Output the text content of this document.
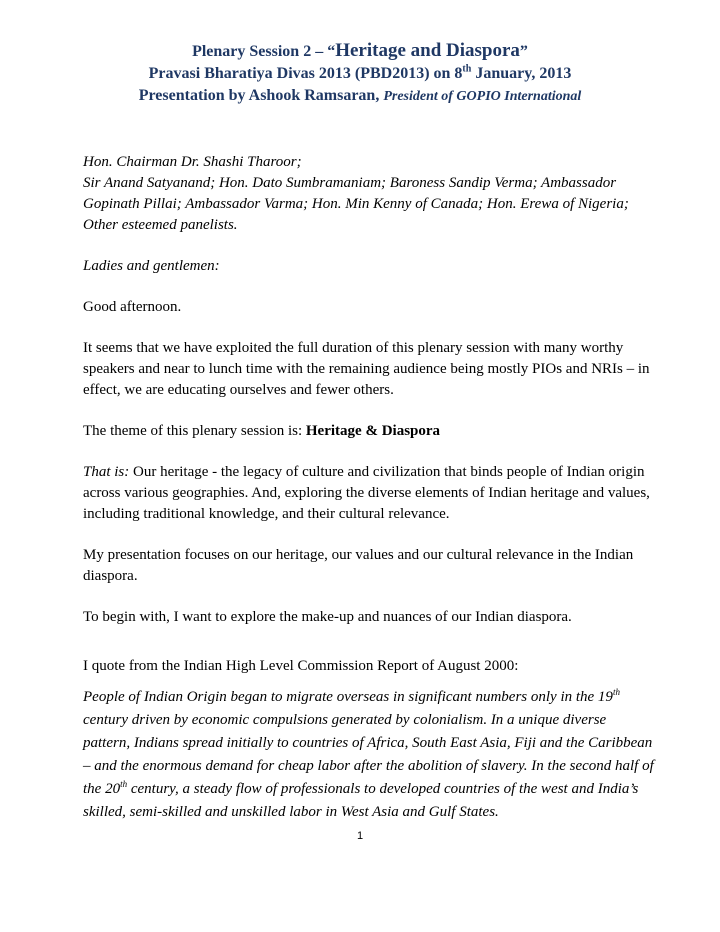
Plenary Session 2 – “Heritage and Diaspora”
Pravasi Bharatiya Divas 2013 (PBD2013) on 8th January, 2013
Presentation by Ashook Ramsaran, President of GOPIO International

Hon. Chairman Dr. Shashi Tharoor;

Sir Anand Satyanand; Hon. Dato Sumbramaniam; Baroness Sandip Verma; Ambassador Gopinath Pillai; Ambassador Varma; Hon. Min Kenny of Canada; Hon. Erewa of Nigeria; Other esteemed panelists.

Ladies and gentlemen:

Good afternoon.

It seems that we have exploited the full duration of this plenary session with many worthy speakers and near to lunch time with the remaining audience being mostly PIOs and NRIs – in effect, we are educating ourselves and fewer others.

The theme of this plenary session is: Heritage & Diaspora

That is: Our heritage - the legacy of culture and civilization that binds people of Indian origin across various geographies. And, exploring the diverse elements of Indian heritage and values, including traditional knowledge, and their cultural relevance.

My presentation focuses on our heritage, our values and our cultural relevance in the Indian diaspora.

To begin with, I want to explore the make-up and nuances of our Indian diaspora.

I quote from the Indian High Level Commission Report of August 2000:

People of Indian Origin began to migrate overseas in significant numbers only in the 19th century driven by economic compulsions generated by colonialism. In a unique diverse pattern, Indians spread initially to countries of Africa, South East Asia, Fiji and the Caribbean – and the enormous demand for cheap labor after the abolition of slavery. In the second half of the 20th century, a steady flow of professionals to developed countries of the west and India’s skilled, semi-skilled and unskilled labor in West Asia and Gulf States.

1
